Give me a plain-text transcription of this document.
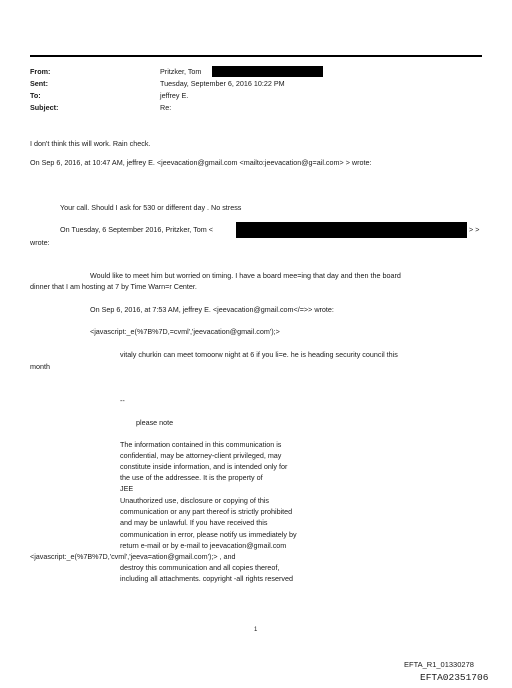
From:
Sent:
To:
Subject:
Pritzker, Tom
Tuesday, September 6, 2016 10:22 PM
jeffrey E.
Re:
I don't think this will work. Rain check.
On Sep 6, 2016, at 10:47 AM, jeffrey E. <jeevacation@gmail.com <mailto:jeevacation@g=ail.com> > wrote:
Your call. Should I ask for 530 or different day . No stress
On Tuesday, 6 September 2016, Pritzker, Tom <	> >
wrote:
Would like to meet him but worried on timing. I have a board mee=ing that day and then the board
dinner that I am hosting at 7 by Time Warn=r Center.
On Sep 6, 2016, at 7:53 AM, jeffrey E. <jeevacation@gmail.com</=>> wrote:
<javascript:_e(%7B%7D,=cvml','jeevacation@gmail.com');>
vitaly churkin can meet tomoorw night at 6 if you li=e. he is heading security council this
month
--
please note
The information contained in this communication is
confidential, may be attorney-client privileged, may
constitute inside information, and is intended only for
the use of the addressee. It is the property of
JEE
Unauthorized use, disclosure or copying of this
communication or any part thereof is strictly prohibited
and may be unlawful. If you have received this
communication in error, please notify us immediately by
return e-mail or by e-mail to jeevacation@gmail.com
<javascript:_e(%7B%7D,'cvml','jeeva=ation@gmail.com');> , and
destroy this communication and all copies thereof,
including all attachments. copyright -all rights reserved
1
EFTA_R1_01330278
EFTA02351706
